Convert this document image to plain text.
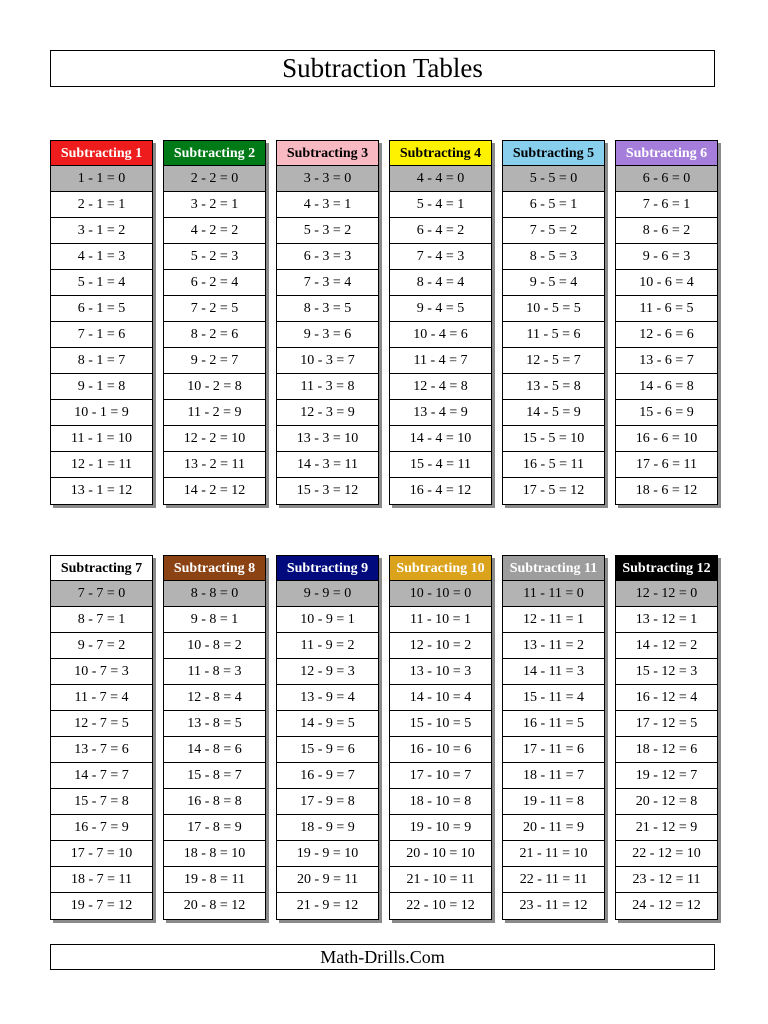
Subtraction Tables
Subtracting 1
1 - 1 = 0
2 - 1 = 1
3 - 1 = 2
4 - 1 = 3
5 - 1 = 4
6 - 1 = 5
7 - 1 = 6
8 - 1 = 7
9 - 1 = 8
10 - 1 = 9
11 - 1 = 10
12 - 1 = 11
13 - 1 = 12
Subtracting 2
2 - 2 = 0
3 - 2 = 1
4 - 2 = 2
5 - 2 = 3
6 - 2 = 4
7 - 2 = 5
8 - 2 = 6
9 - 2 = 7
10 - 2 = 8
11 - 2 = 9
12 - 2 = 10
13 - 2 = 11
14 - 2 = 12
Subtracting 3
3 - 3 = 0
4 - 3 = 1
5 - 3 = 2
6 - 3 = 3
7 - 3 = 4
8 - 3 = 5
9 - 3 = 6
10 - 3 = 7
11 - 3 = 8
12 - 3 = 9
13 - 3 = 10
14 - 3 = 11
15 - 3 = 12
Subtracting 4
4 - 4 = 0
5 - 4 = 1
6 - 4 = 2
7 - 4 = 3
8 - 4 = 4
9 - 4 = 5
10 - 4 = 6
11 - 4 = 7
12 - 4 = 8
13 - 4 = 9
14 - 4 = 10
15 - 4 = 11
16 - 4 = 12
Subtracting 5
5 - 5 = 0
6 - 5 = 1
7 - 5 = 2
8 - 5 = 3
9 - 5 = 4
10 - 5 = 5
11 - 5 = 6
12 - 5 = 7
13 - 5 = 8
14 - 5 = 9
15 - 5 = 10
16 - 5 = 11
17 - 5 = 12
Subtracting 6
6 - 6 = 0
7 - 6 = 1
8 - 6 = 2
9 - 6 = 3
10 - 6 = 4
11 - 6 = 5
12 - 6 = 6
13 - 6 = 7
14 - 6 = 8
15 - 6 = 9
16 - 6 = 10
17 - 6 = 11
18 - 6 = 12
Subtracting 7
7 - 7 = 0
8 - 7 = 1
9 - 7 = 2
10 - 7 = 3
11 - 7 = 4
12 - 7 = 5
13 - 7 = 6
14 - 7 = 7
15 - 7 = 8
16 - 7 = 9
17 - 7 = 10
18 - 7 = 11
19 - 7 = 12
Subtracting 8
8 - 8 = 0
9 - 8 = 1
10 - 8 = 2
11 - 8 = 3
12 - 8 = 4
13 - 8 = 5
14 - 8 = 6
15 - 8 = 7
16 - 8 = 8
17 - 8 = 9
18 - 8 = 10
19 - 8 = 11
20 - 8 = 12
Subtracting 9
9 - 9 = 0
10 - 9 = 1
11 - 9 = 2
12 - 9 = 3
13 - 9 = 4
14 - 9 = 5
15 - 9 = 6
16 - 9 = 7
17 - 9 = 8
18 - 9 = 9
19 - 9 = 10
20 - 9 = 11
21 - 9 = 12
Subtracting 10
10 - 10 = 0
11 - 10 = 1
12 - 10 = 2
13 - 10 = 3
14 - 10 = 4
15 - 10 = 5
16 - 10 = 6
17 - 10 = 7
18 - 10 = 8
19 - 10 = 9
20 - 10 = 10
21 - 10 = 11
22 - 10 = 12
Subtracting 11
11 - 11 = 0
12 - 11 = 1
13 - 11 = 2
14 - 11 = 3
15 - 11 = 4
16 - 11 = 5
17 - 11 = 6
18 - 11 = 7
19 - 11 = 8
20 - 11 = 9
21 - 11 = 10
22 - 11 = 11
23 - 11 = 12
Subtracting 12
12 - 12 = 0
13 - 12 = 1
14 - 12 = 2
15 - 12 = 3
16 - 12 = 4
17 - 12 = 5
18 - 12 = 6
19 - 12 = 7
20 - 12 = 8
21 - 12 = 9
22 - 12 = 10
23 - 12 = 11
24 - 12 = 12
Math-Drills.Com
